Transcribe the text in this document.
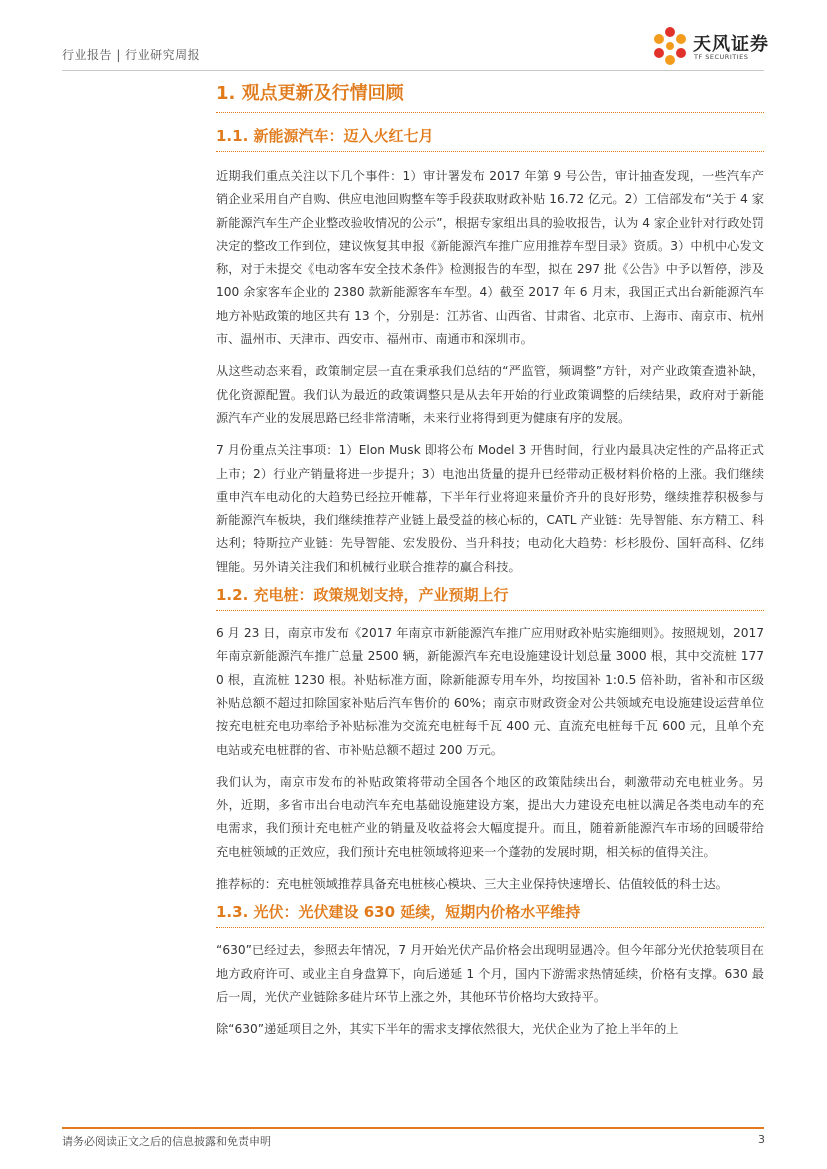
行业报告 | 行业研究周报	天风证券
TF SECURITIES
1. 观点更新及行情回顾
1.1. 新能源汽车：迈入火红七月

近期我们重点关注以下几个事件：1）审计署发布 2017 年第 9 号公告，审计抽查发现，一些汽车产销企业采用自产自购、供应电池回购整车等手段获取财政补贴 16.72 亿元。2）工信部发布“关于 4 家新能源汽车生产企业整改验收情况的公示”，根据专家组出具的验收报告，认为 4 家企业针对行政处罚决定的整改工作到位，建议恢复其申报《新能源汽车推广应用推荐车型目录》资质。3）中机中心发文称，对于未提交《电动客车安全技术条件》检测报告的车型，拟在 297 批《公告》中予以暂停，涉及 100 余家客车企业的 2380 款新能源客车车型。4）截至 2017 年 6 月末，我国正式出台新能源汽车地方补贴政策的地区共有 13 个，分别是：江苏省、山西省、甘肃省、北京市、上海市、南京市、杭州市、温州市、天津市、西安市、福州市、南通市和深圳市。

从这些动态来看，政策制定层一直在秉承我们总结的“严监管，频调整”方针，对产业政策查遗补缺，优化资源配置。我们认为最近的政策调整只是从去年开始的行业政策调整的后续结果，政府对于新能源汽车产业的发展思路已经非常清晰，未来行业将得到更为健康有序的发展。

7 月份重点关注事项：1）Elon Musk 即将公布 Model 3 开售时间，行业内最具决定性的产品将正式上市；2）行业产销量将进一步提升；3）电池出货量的提升已经带动正极材料价格的上涨。我们继续重申汽车电动化的大趋势已经拉开帷幕，下半年行业将迎来量价齐升的良好形势，继续推荐积极参与新能源汽车板块，我们继续推荐产业链上最受益的核心标的，CATL 产业链：先导智能、东方精工、科达利；特斯拉产业链：先导智能、宏发股份、当升科技；电动化大趋势：杉杉股份、国轩高科、亿纬锂能。另外请关注我们和机械行业联合推荐的赢合科技。

1.2. 充电桩：政策规划支持，产业预期上行

6 月 23 日，南京市发布《2017 年南京市新能源汽车推广应用财政补贴实施细则》。按照规划，2017 年南京新能源汽车推广总量 2500 辆，新能源汽车充电设施建设计划总量 3000 根，其中交流桩 1770 根，直流桩 1230 根。补贴标准方面，除新能源专用车外，均按国补 1:0.5 倍补助，省补和市区级补贴总额不超过扣除国家补贴后汽车售价的 60%；南京市财政资金对公共领域充电设施建设运营单位按充电桩充电功率给予补贴标准为交流充电桩每千瓦 400 元、直流充电桩每千瓦 600 元，且单个充电站或充电桩群的省、市补贴总额不超过 200 万元。

我们认为，南京市发布的补贴政策将带动全国各个地区的政策陆续出台，刺激带动充电桩业务。另外，近期，多省市出台电动汽车充电基础设施建设方案，提出大力建设充电桩以满足各类电动车的充电需求，我们预计充电桩产业的销量及收益将会大幅度提升。而且，随着新能源汽车市场的回暖带给充电桩领域的正效应，我们预计充电桩领域将迎来一个蓬勃的发展时期，相关标的值得关注。

推荐标的：充电桩领域推荐具备充电桩核心模块、三大主业保持快速增长、估值较低的科士达。

1.3. 光伏：光伏建设 630 延续，短期内价格水平维持

“630”已经过去，参照去年情况，7 月开始光伏产品价格会出现明显遇冷。但今年部分光伏抢装项目在地方政府许可、或业主自身盘算下，向后递延 1 个月，国内下游需求热情延续，价格有支撑。630 最后一周，光伏产业链除多硅片环节上涨之外，其他环节价格均大致持平。

除“630”递延项目之外，其实下半年的需求支撑依然很大，光伏企业为了抢上半年的上

请务必阅读正文之后的信息披露和免责申明	3
